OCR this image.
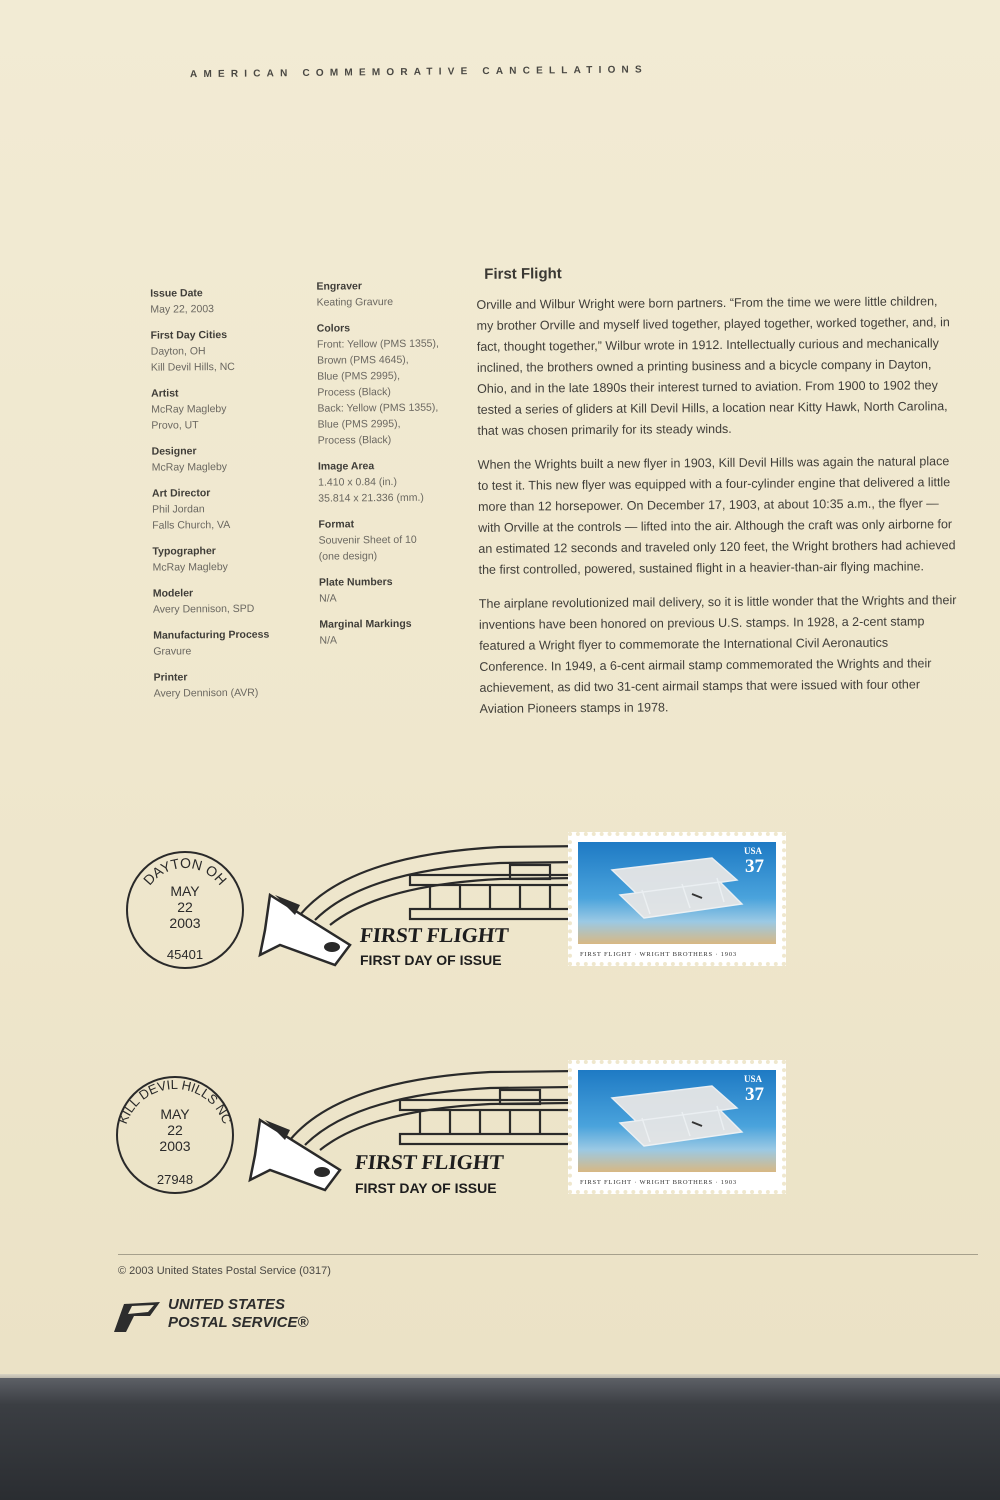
AMERICAN COMMEMORATIVE CANCELLATIONS
Issue Date
May 22, 2003
First Day Cities
Dayton, OH
Kill Devil Hills, NC
Artist
McRay Magleby
Provo, UT
Designer
McRay Magleby
Art Director
Phil Jordan
Falls Church, VA
Typographer
McRay Magleby
Modeler
Avery Dennison, SPD
Manufacturing Process
Gravure
Printer
Avery Dennison (AVR)
Engraver
Keating Gravure
Colors
Front: Yellow (PMS 1355),
Brown (PMS 4645),
Blue (PMS 2995),
Process (Black)
Back: Yellow (PMS 1355),
Blue (PMS 2995),
Process (Black)
Image Area
1.410 x 0.84 (in.)
35.814 x 21.336 (mm.)
Format
Souvenir Sheet of 10
(one design)
Plate Numbers
N/A
Marginal Markings
N/A
First Flight

Orville and Wilbur Wright were born partners. “From the time we were little children, my brother Orville and myself lived together, played together, worked together, and, in fact, thought together,” Wilbur wrote in 1912. Intellectually curious and mechanically inclined, the brothers owned a printing business and a bicycle company in Dayton, Ohio, and in the late 1890s their interest turned to aviation. From 1900 to 1902 they tested a series of gliders at Kill Devil Hills, a location near Kitty Hawk, North Carolina, that was chosen primarily for its steady winds.

When the Wrights built a new flyer in 1903, Kill Devil Hills was again the natural place to test it. This new flyer was equipped with a four-cylinder engine that delivered a little more than 12 horsepower. On December 17, 1903, at about 10:35 a.m., the flyer — with Orville at the controls — lifted into the air. Although the craft was only airborne for an estimated 12 seconds and traveled only 120 feet, the Wright brothers had achieved the first controlled, powered, sustained flight in a heavier-than-air flying machine.

The airplane revolutionized mail delivery, so it is little wonder that the Wrights and their inventions have been honored on previous U.S. stamps. In 1928, a 2-cent stamp featured a Wright flyer to commemorate the International Civil Aeronautics Conference. In 1949, a 6-cent airmail stamp commemorated the Wrights and their achievement, as did two 31-cent airmail stamps that were issued with four other Aviation Pioneers stamps in 1978.

DAYTON OH
MAY
22
2003
45401
FIRST FLIGHT
FIRST DAY OF ISSUE
USA
37
FIRST FLIGHT · WRIGHT BROTHERS · 1903
KILL DEVIL HILLS NC
MAY
22
2003
27948
FIRST FLIGHT
FIRST DAY OF ISSUE
USA
37
FIRST FLIGHT · WRIGHT BROTHERS · 1903
© 2003 United States Postal Service (0317)
UNITED STATES
POSTAL SERVICE®
